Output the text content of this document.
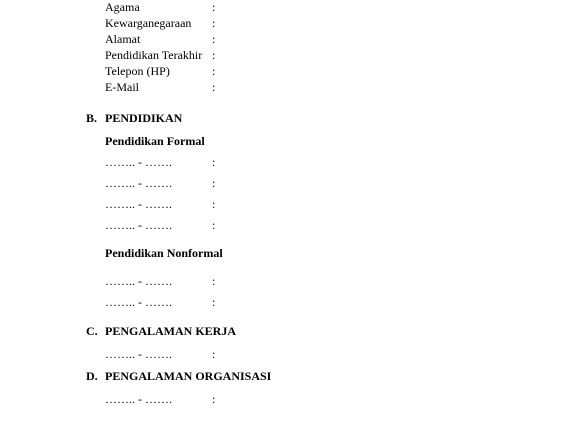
Agama	:
Kewarganegaraan :
Alamat	:
Pendidikan Terakhir :
Telepon (HP)	:
E-Mail	:
B. PENDIDIKAN
Pendidikan Formal
…….. - …….	:
…….. - …….	:
…….. - …….	:
…….. - …….	:
Pendidikan Nonformal
…….. - …….	:
…….. - …….	:
C. PENGALAMAN KERJA
…….. - …….	:
D. PENGALAMAN ORGANISASI
…….. - …….	:
